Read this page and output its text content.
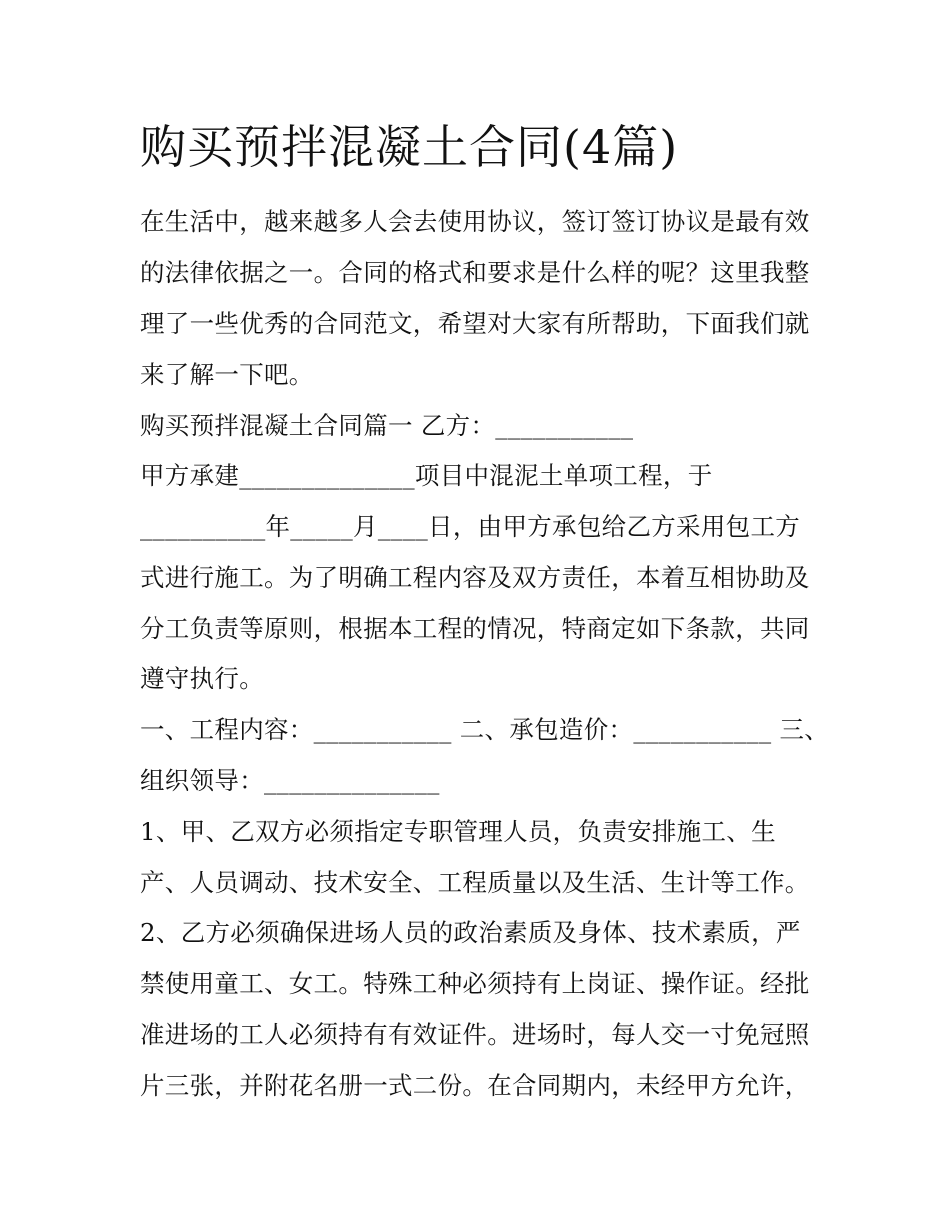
购买预拌混凝土合同(4篇)
在生活中，越来越多人会去使用协议，签订签订协议是最有效
的法律依据之一。合同的格式和要求是什么样的呢？这里我整
理了一些优秀的合同范文，希望对大家有所帮助，下面我们就
来了解一下吧。
购买预拌混凝土合同篇一 乙方：___________
甲方承建______________项目中混泥土单项工程，于
__________年_____月____日，由甲方承包给乙方采用包工方
式进行施工。为了明确工程内容及双方责任，本着互相协助及
分工负责等原则，根据本工程的情况，特商定如下条款，共同
遵守执行。
一、工程内容：___________ 二、承包造价：___________ 三、
组织领导：______________
1、甲、乙双方必须指定专职管理人员，负责安排施工、生
产、人员调动、技术安全、工程质量以及生活、生计等工作。
2、乙方必须确保进场人员的政治素质及身体、技术素质，严
禁使用童工、女工。特殊工种必须持有上岗证、操作证。经批
准进场的工人必须持有有效证件。进场时，每人交一寸免冠照
片三张，并附花名册一式二份。在合同期内，未经甲方允许，
